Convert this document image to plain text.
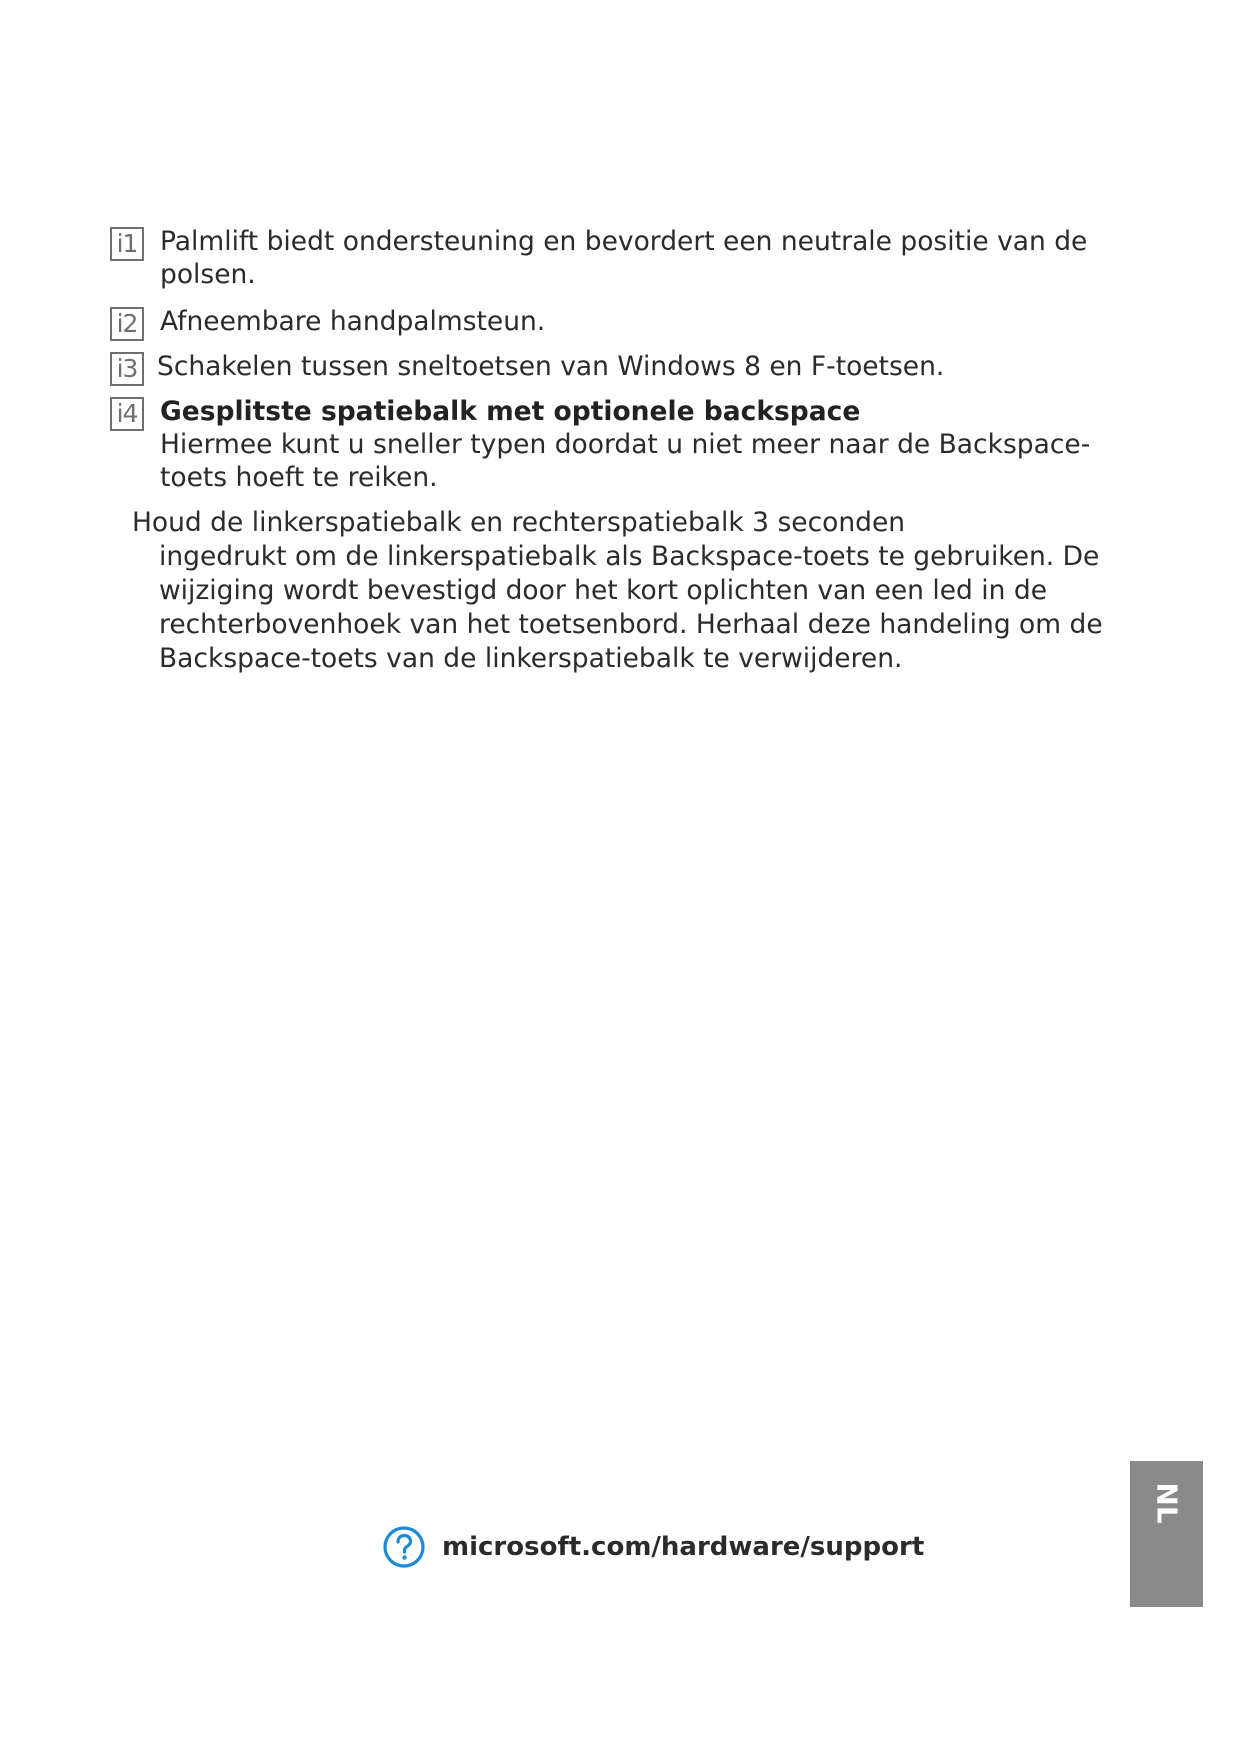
i1 Palmlift biedt ondersteuning en bevordert een neutrale positie van de polsen.
i2 Afneembare handpalmsteun.
i3 Schakelen tussen sneltoetsen van Windows 8 en F-toetsen.
i4 Gesplitste spatiebalk met optionele backspace
Hiermee kunt u sneller typen doordat u niet meer naar de Backspace-toets hoeft te reiken.
Houd de linkerspatiebalk en rechterspatiebalk 3 seconden
ingedrukt om de linkerspatiebalk als Backspace-toets te gebruiken. De wijziging wordt bevestigd door het kort oplichten van een led in de rechterbovenhoek van het toetsenbord. Herhaal deze handeling om de Backspace-toets van de linkerspatiebalk te verwijderen.
microsoft.com/hardware/support
NL
